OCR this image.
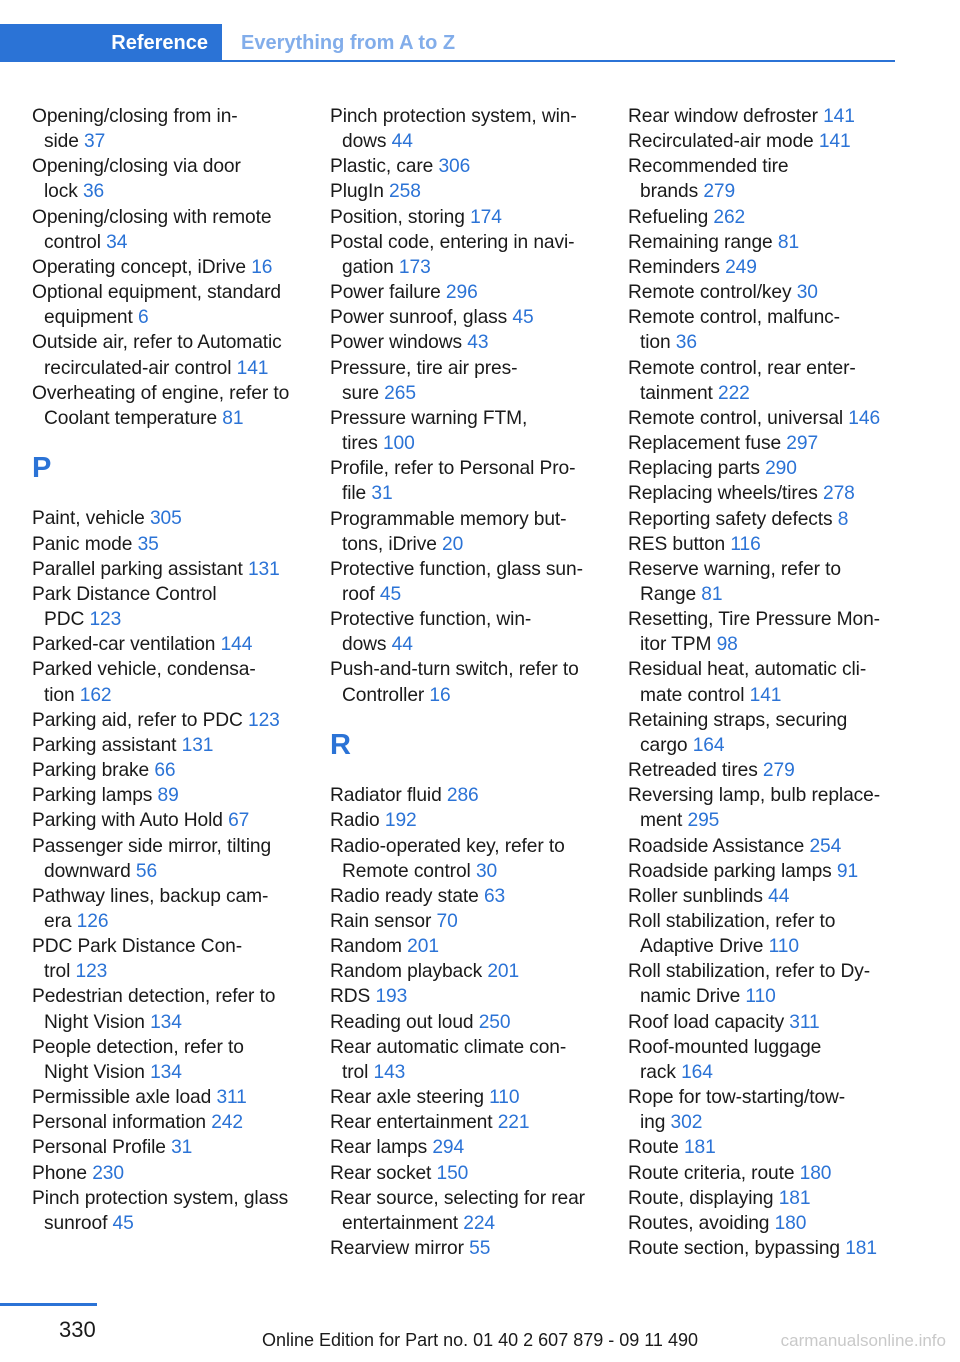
Reference	Everything from A to Z
Opening/closing from in-
side 37
Opening/closing via door
lock 36
Opening/closing with remote
control 34
Operating concept, iDrive 16
Optional equipment, standard
equipment 6
Outside air, refer to Automatic
recirculated-air control 141
Overheating of engine, refer to
Coolant temperature 81
P
Paint, vehicle 305
Panic mode 35
Parallel parking assistant 131
Park Distance Control
PDC 123
Parked-car ventilation 144
Parked vehicle, condensa-
tion 162
Parking aid, refer to PDC 123
Parking assistant 131
Parking brake 66
Parking lamps 89
Parking with Auto Hold 67
Passenger side mirror, tilting
downward 56
Pathway lines, backup cam-
era 126
PDC Park Distance Con-
trol 123
Pedestrian detection, refer to
Night Vision 134
People detection, refer to
Night Vision 134
Permissible axle load 311
Personal information 242
Personal Profile 31
Phone 230
Pinch protection system, glass
sunroof 45
Pinch protection system, win-
dows 44
Plastic, care 306
PlugIn 258
Position, storing 174
Postal code, entering in navi-
gation 173
Power failure 296
Power sunroof, glass 45
Power windows 43
Pressure, tire air pres-
sure 265
Pressure warning FTM,
tires 100
Profile, refer to Personal Pro-
file 31
Programmable memory but-
tons, iDrive 20
Protective function, glass sun-
roof 45
Protective function, win-
dows 44
Push-and-turn switch, refer to
Controller 16
R
Radiator fluid 286
Radio 192
Radio-operated key, refer to
Remote control 30
Radio ready state 63
Rain sensor 70
Random 201
Random playback 201
RDS 193
Reading out loud 250
Rear automatic climate con-
trol 143
Rear axle steering 110
Rear entertainment 221
Rear lamps 294
Rear socket 150
Rear source, selecting for rear
entertainment 224
Rearview mirror 55
Rear window defroster 141
Recirculated-air mode 141
Recommended tire
brands 279
Refueling 262
Remaining range 81
Reminders 249
Remote control/key 30
Remote control, malfunc-
tion 36
Remote control, rear enter-
tainment 222
Remote control, universal 146
Replacement fuse 297
Replacing parts 290
Replacing wheels/tires 278
Reporting safety defects 8
RES button 116
Reserve warning, refer to
Range 81
Resetting, Tire Pressure Mon-
itor TPM 98
Residual heat, automatic cli-
mate control 141
Retaining straps, securing
cargo 164
Retreaded tires 279
Reversing lamp, bulb replace-
ment 295
Roadside Assistance 254
Roadside parking lamps 91
Roller sunblinds 44
Roll stabilization, refer to
Adaptive Drive 110
Roll stabilization, refer to Dy-
namic Drive 110
Roof load capacity 311
Roof-mounted luggage
rack 164
Rope for tow-starting/tow-
ing 302
Route 181
Route criteria, route 180
Route, displaying 181
Routes, avoiding 180
Route section, bypassing 181
330	Online Edition for Part no. 01 40 2 607 879 - 09 11 490	carmanualsonline.info
